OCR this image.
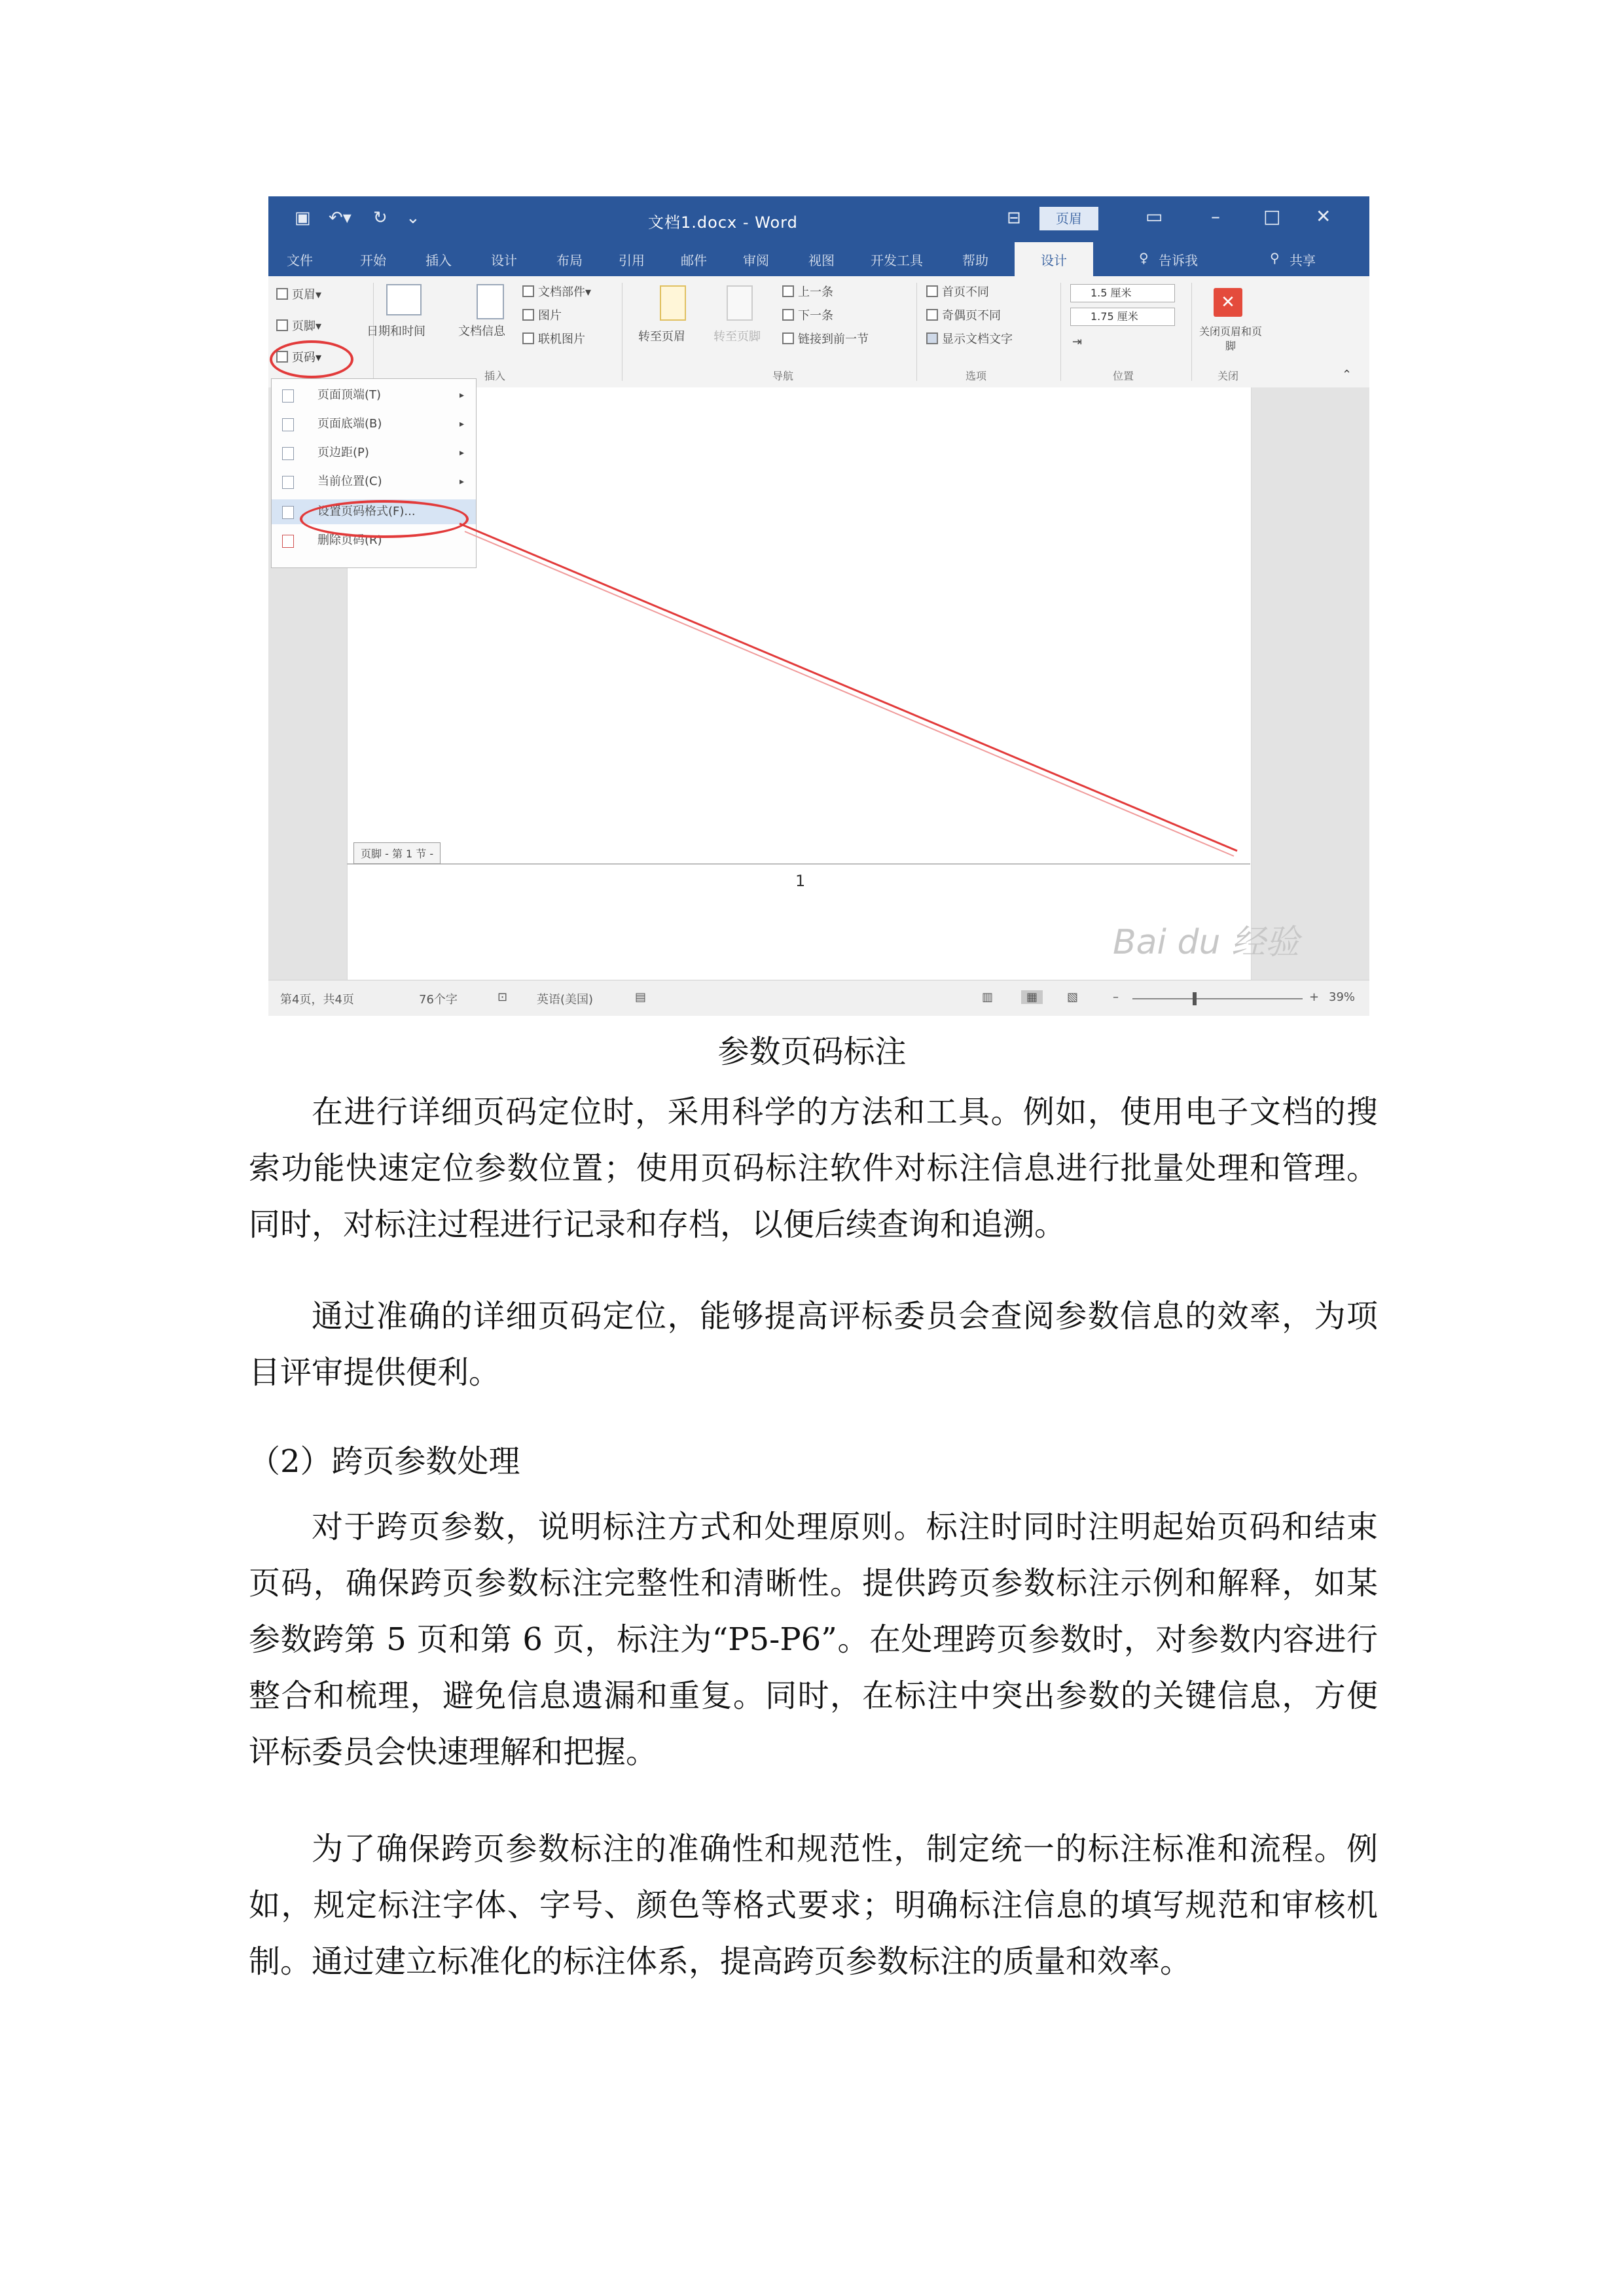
▣ ↶▾ ↻ ⌄	文档1.docx - Word	⊟	页眉	▭	– □ ✕
文件	开始	插入	设计	布局	引用	邮件	审阅	视图	开发工具	帮助	设计	♀ 告诉我	⚲ 共享
页眉▾
页脚▾	日期和时间	文档信息
文档部件▾
图片
联机图片
插入
转至页眉 转至页脚
上一条
下一条
链接到前一节
导航
首页不同
奇偶页不同
显示文档文字
选项
1.5 厘米
1.75 厘米
⇥
位置
✕
关闭页眉和页脚
关闭	⌃
页脚 - 第 1 节 -
1
Bai du 经验
页码▾
页面顶端(T)	▸
页面底端(B)	▸
页边距(P)	▸
当前位置(C)	▸
设置页码格式(F)...
删除页码(R)
第4页，共4页	76个字	⊡ 英语(美国)	▤	▥	▦	▧	–	+ 39%
参数页码标注

在进行详细页码定位时，采用科学的方法和工具。例如，使用电子文档的搜索功能快速定位参数位置；使用页码标注软件对标注信息进行批量处理和管理。同时，对标注过程进行记录和存档，以便后续查询和追溯。

通过准确的详细页码定位，能够提高评标委员会查阅参数信息的效率，为项目评审提供便利。

（2）跨页参数处理

对于跨页参数，说明标注方式和处理原则。标注时同时注明起始页码和结束页码，确保跨页参数标注完整性和清晰性。提供跨页参数标注示例和解释，如某参数跨第 5 页和第 6 页，标注为“P5-P6”。在处理跨页参数时，对参数内容进行整合和梳理，避免信息遗漏和重复。同时，在标注中突出参数的关键信息，方便评标委员会快速理解和把握。

为了确保跨页参数标注的准确性和规范性，制定统一的标注标准和流程。例如，规定标注字体、字号、颜色等格式要求；明确标注信息的填写规范和审核机制。通过建立标准化的标注体系，提高跨页参数标注的质量和效率。
